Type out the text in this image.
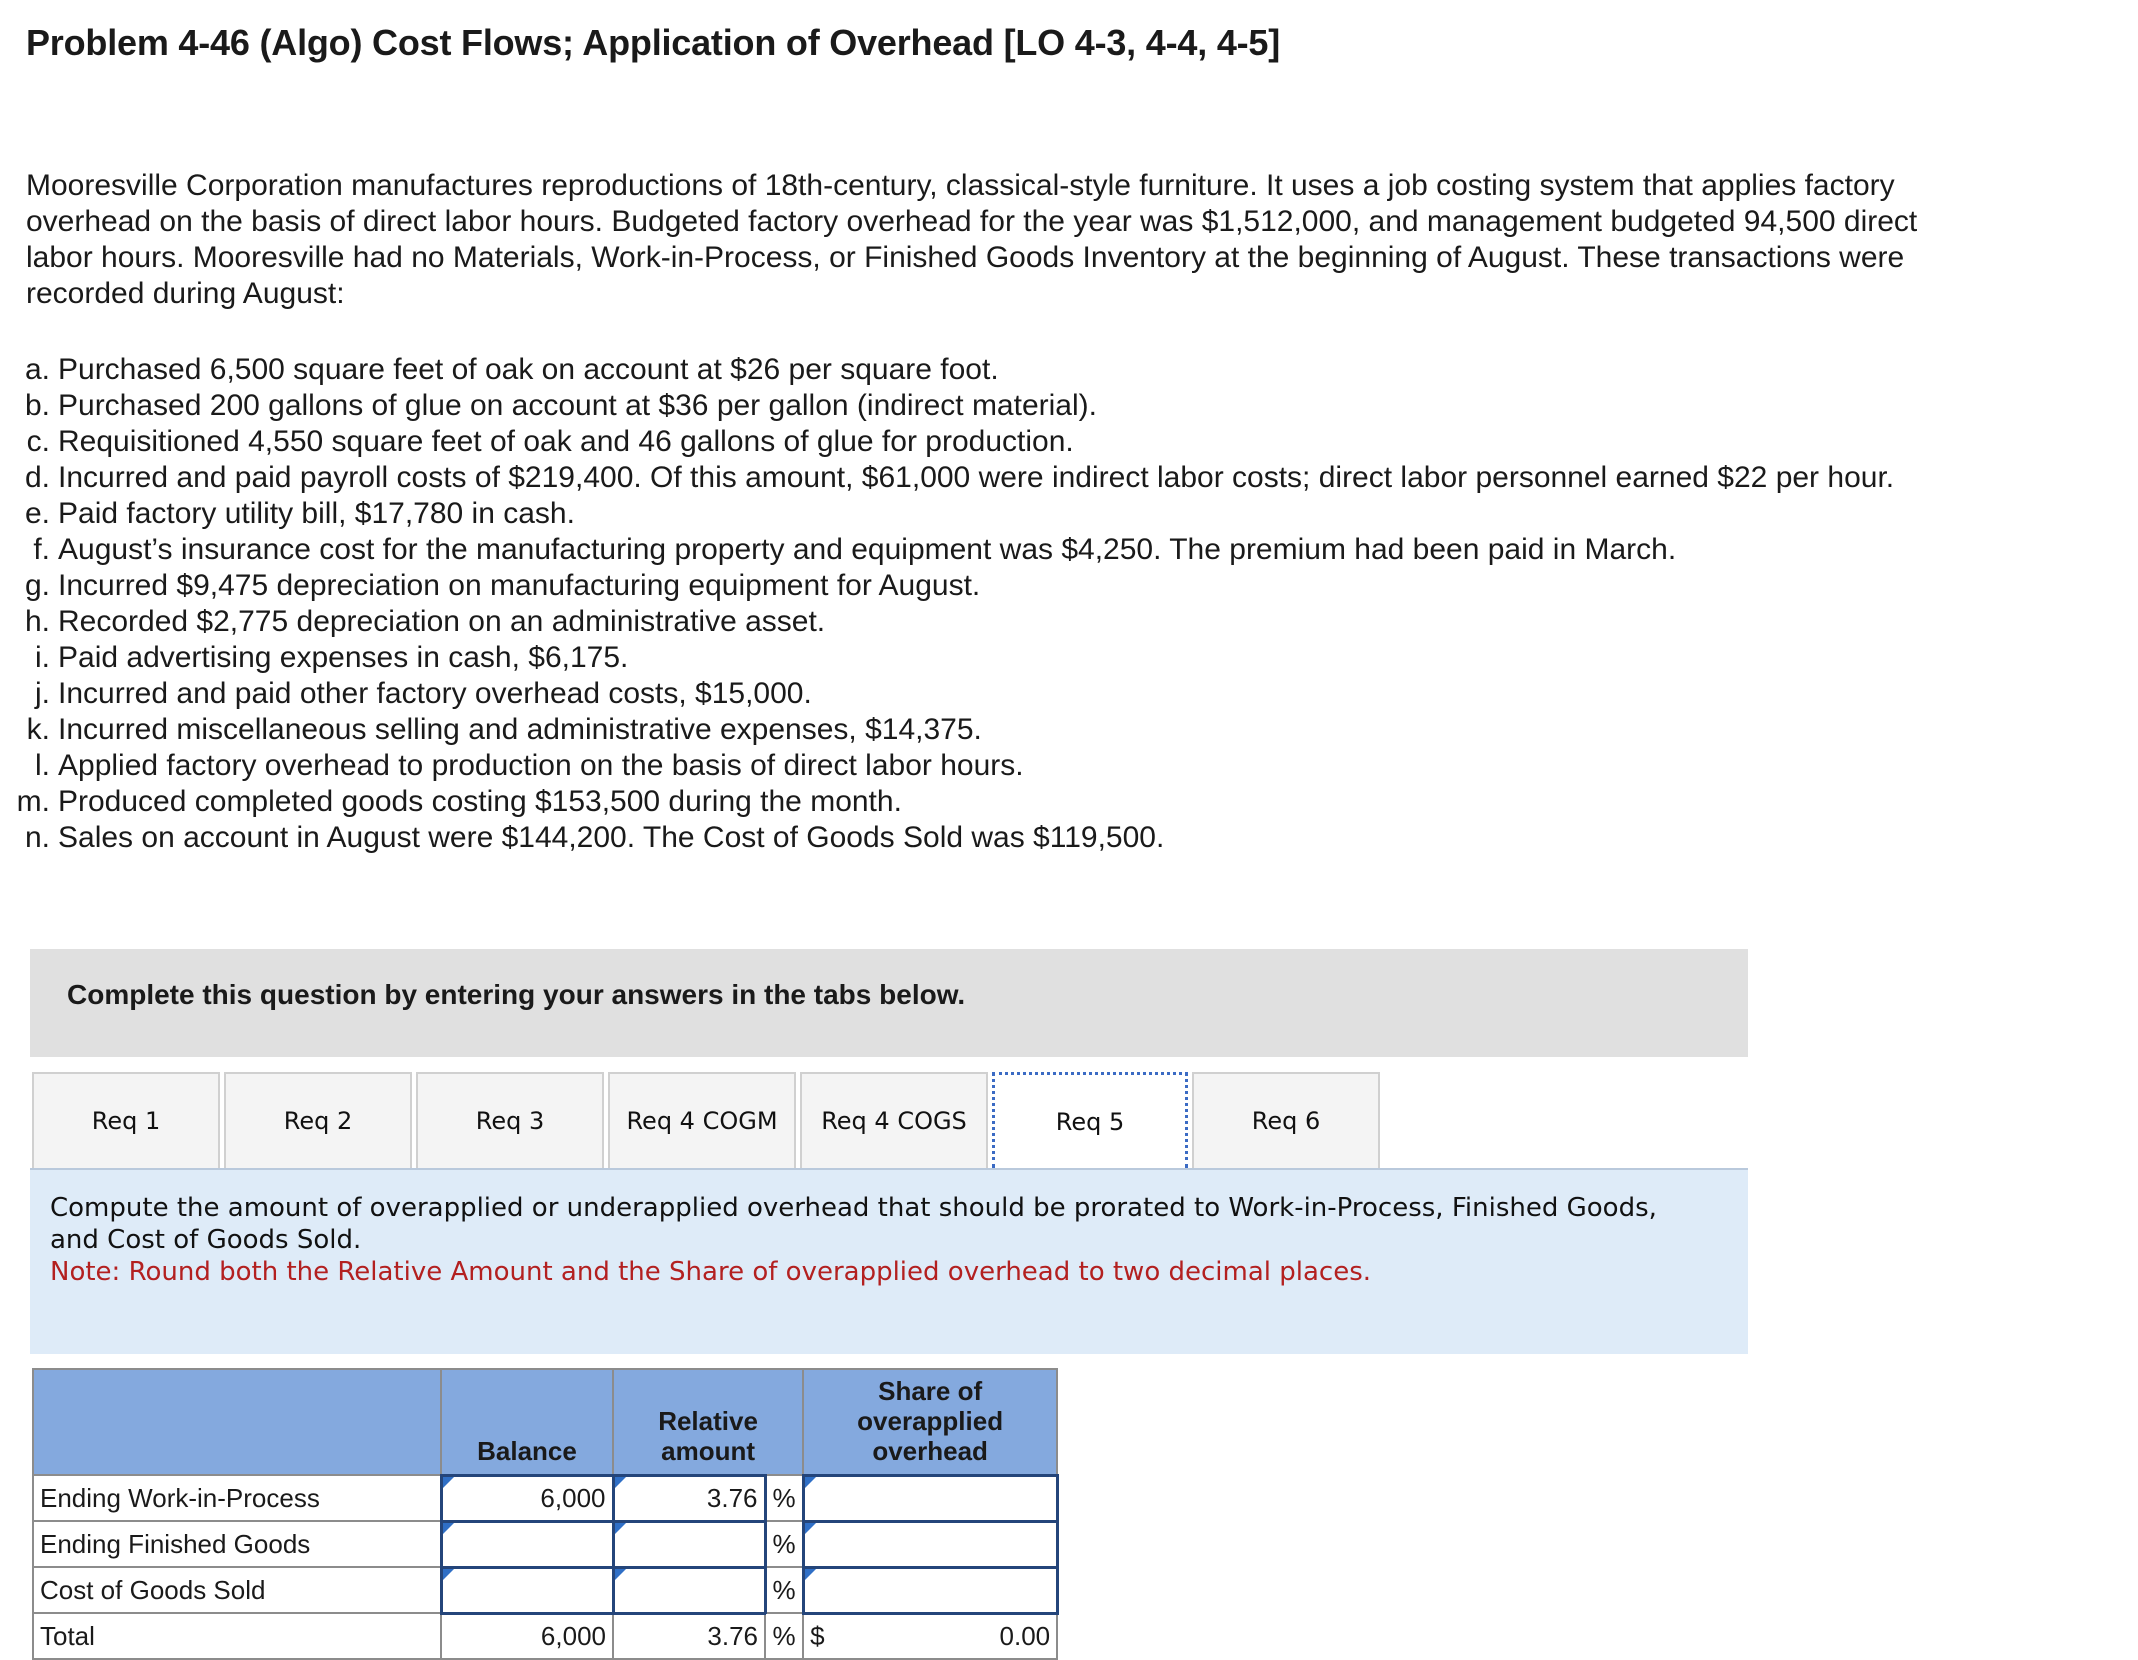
Problem 4-46 (Algo) Cost Flows; Application of Overhead [LO 4-3, 4-4, 4-5]
Mooresville Corporation manufactures reproductions of 18th-century, classical-style furniture. It uses a job costing system that applies factory overhead on the basis of direct labor hours. Budgeted factory overhead for the year was $1,512,000, and management budgeted 94,500 direct labor hours. Mooresville had no Materials, Work-in-Process, or Finished Goods Inventory at the beginning of August. These transactions were recorded during August:
a. Purchased 6,500 square feet of oak on account at $26 per square foot.
b. Purchased 200 gallons of glue on account at $36 per gallon (indirect material).
c. Requisitioned 4,550 square feet of oak and 46 gallons of glue for production.
d. Incurred and paid payroll costs of $219,400. Of this amount, $61,000 were indirect labor costs; direct labor personnel earned $22 per hour.
e. Paid factory utility bill, $17,780 in cash.
f. August’s insurance cost for the manufacturing property and equipment was $4,250. The premium had been paid in March.
g. Incurred $9,475 depreciation on manufacturing equipment for August.
h. Recorded $2,775 depreciation on an administrative asset.
i. Paid advertising expenses in cash, $6,175.
j. Incurred and paid other factory overhead costs, $15,000.
k. Incurred miscellaneous selling and administrative expenses, $14,375.
l. Applied factory overhead to production on the basis of direct labor hours.
m. Produced completed goods costing $153,500 during the month.
n. Sales on account in August were $144,200. The Cost of Goods Sold was $119,500.
Complete this question by entering your answers in the tabs below.
Req 1	Req 2	Req 3	Req 4 COGM	Req 4 COGS	Req 5	Req 6
Compute the amount of overapplied or underapplied overhead that should be prorated to Work-in-Process, Finished Goods, and Cost of Goods Sold.
Note: Round both the Relative Amount and the Share of overapplied overhead to two decimal places.
	Balance	Relative amount		Share of overapplied overhead
Ending Work-in-Process	6,000	3.76	%	
Ending Finished Goods			%	
Cost of Goods Sold			%	
Total	6,000	3.76	%	$ 0.00
